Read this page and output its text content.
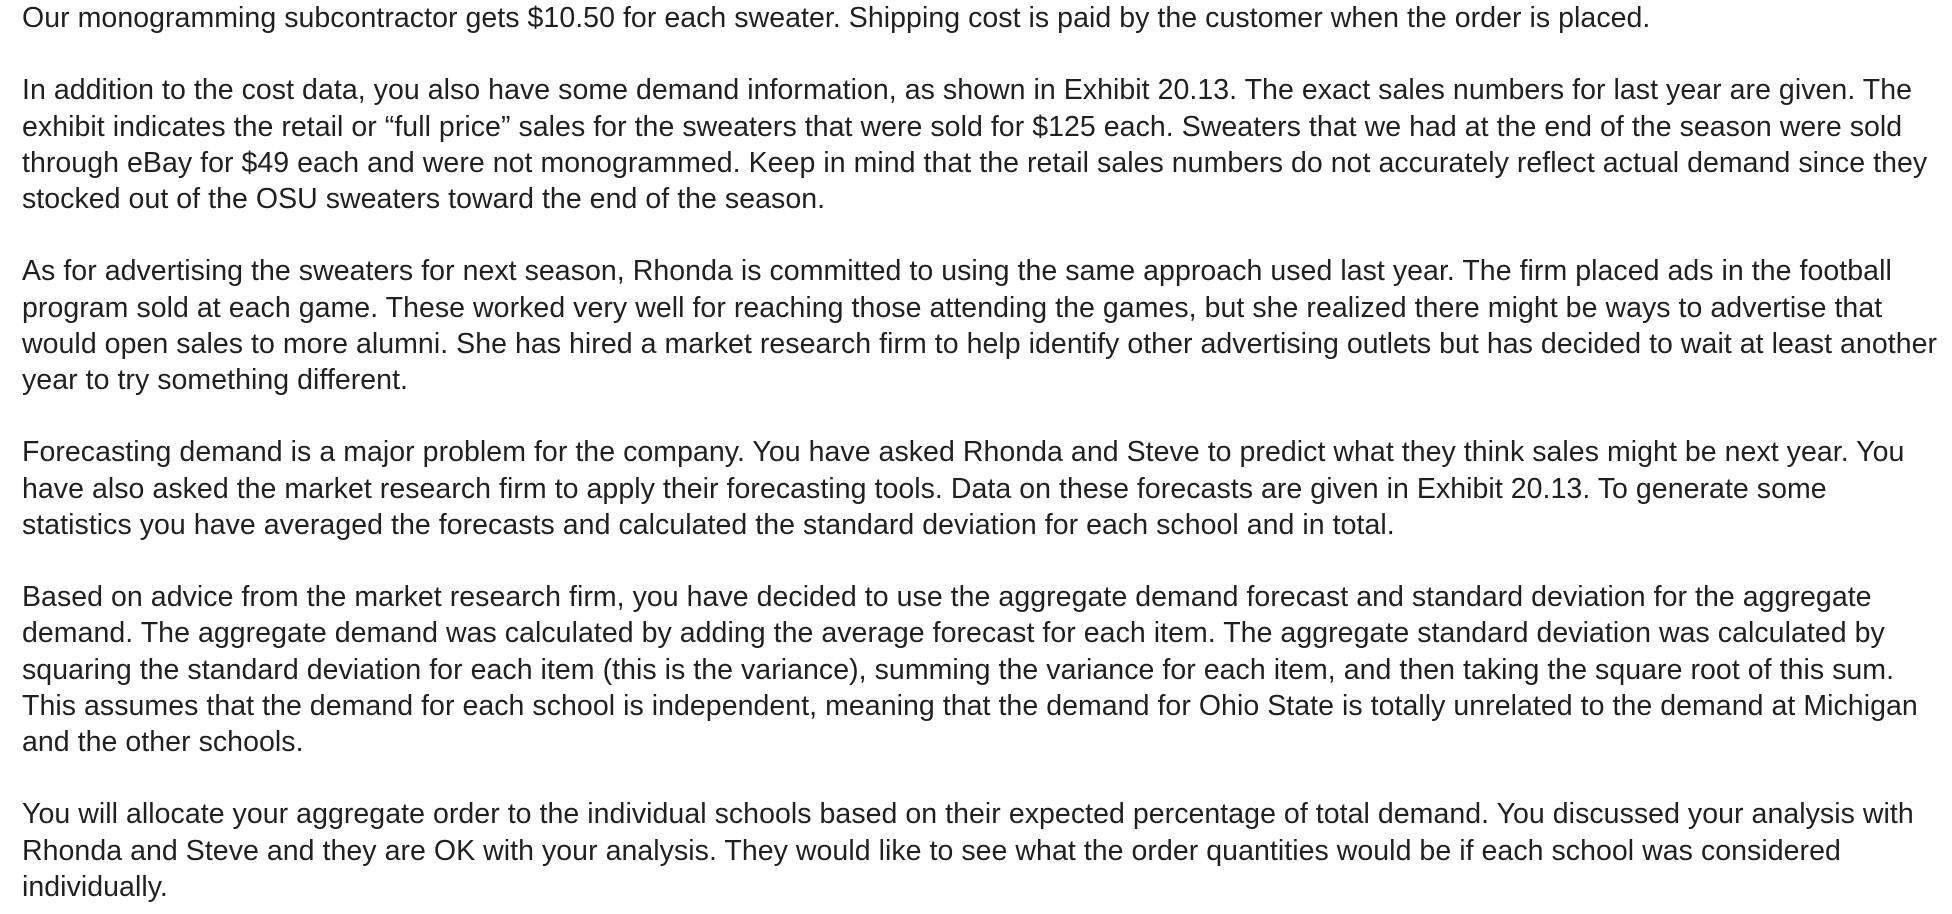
Our monogramming subcontractor gets $10.50 for each sweater. Shipping cost is paid by the customer when the order is placed.

In addition to the cost data, you also have some demand information, as shown in Exhibit 20.13. The exact sales numbers for last year are given. The exhibit indicates the retail or “full price” sales for the sweaters that were sold for $125 each. Sweaters that we had at the end of the season were sold through eBay for $49 each and were not monogrammed. Keep in mind that the retail sales numbers do not accurately reflect actual demand since they stocked out of the OSU sweaters toward the end of the season.

As for advertising the sweaters for next season, Rhonda is committed to using the same approach used last year. The firm placed ads in the football program sold at each game. These worked very well for reaching those attending the games, but she realized there might be ways to advertise that would open sales to more alumni. She has hired a market research firm to help identify other advertising outlets but has decided to wait at least another year to try something different.

Forecasting demand is a major problem for the company. You have asked Rhonda and Steve to predict what they think sales might be next year. You have also asked the market research firm to apply their forecasting tools. Data on these forecasts are given in Exhibit 20.13. To generate some statistics you have averaged the forecasts and calculated the standard deviation for each school and in total.

Based on advice from the market research firm, you have decided to use the aggregate demand forecast and standard deviation for the aggregate demand. The aggregate demand was calculated by adding the average forecast for each item. The aggregate standard deviation was calculated by squaring the standard deviation for each item (this is the variance), summing the variance for each item, and then taking the square root of this sum. This assumes that the demand for each school is independent, meaning that the demand for Ohio State is totally unrelated to the demand at Michigan and the other schools.

You will allocate your aggregate order to the individual schools based on their expected percentage of total demand. You discussed your analysis with Rhonda and Steve and they are OK with your analysis. They would like to see what the order quantities would be if each school was considered individually.
